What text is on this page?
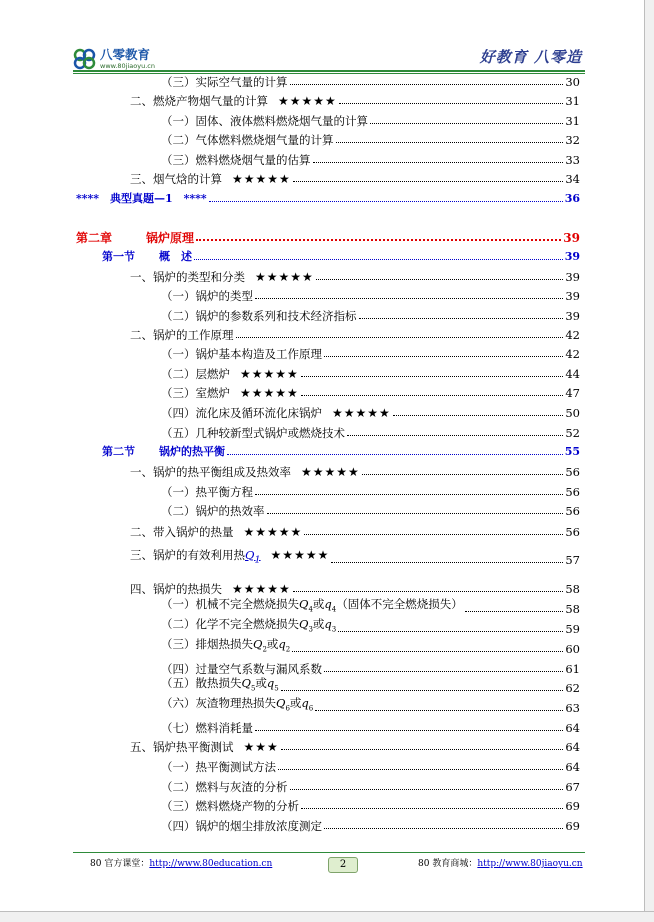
八零教育
www.80jiaoyu.cn	好教育 八零造
（三）实际空气量的计算	30
二、燃烧产物烟气量的计算 ★★★★★	31
（一）固体、液体燃料燃烧烟气量的计算	31
（二）气体燃料燃烧烟气量的计算	32
（三）燃料燃烧烟气量的估算	33
三、烟气焓的计算 ★★★★★	34
****　典型真题—1　****	36
第二章	锅炉原理	39
第一节 概　述	39
一、锅炉的类型和分类 ★★★★★	39
（一）锅炉的类型	39
（二）锅炉的参数系列和技术经济指标	39
二、锅炉的工作原理	42
（一）锅炉基本构造及工作原理	42
（二）层燃炉 ★★★★★	44
（三）室燃炉 ★★★★★	47
（四）流化床及循环流化床锅炉 ★★★★★	50
（五）几种较新型式锅炉或燃烧技术	52
第二节 锅炉的热平衡	55
一、锅炉的热平衡组成及热效率 ★★★★★	56
（一）热平衡方程	56
（二）锅炉的热效率	56
二、带入锅炉的热量 ★★★★★	56
三、锅炉的有效利用热$Q_1$ ★★★★★	57
四、锅炉的热损失 ★★★★★	58
（一）机械不完全燃烧损失$Q_4$或$q_4$（固体不完全燃烧损失）	58
（二）化学不完全燃烧损失$Q_3$或$q_3$	59
（三）排烟热损失$Q_2$或$q_2$	60
（四）过量空气系数与漏风系数	61
（五）散热损失$Q_5$或$q_5$	62
（六）灰渣物理热损失$Q_6$或$q_6$	63
（七）燃料消耗量	64
五、锅炉热平衡测试 ★★★	64
（一）热平衡测试方法	64
（二）燃料与灰渣的分析	67
（三）燃料燃烧产物的分析	69
（四）锅炉的烟尘排放浓度测定	69
80 官方课堂：http://www.80education.cn	2	80 教育商城：http://www.80jiaoyu.cn
